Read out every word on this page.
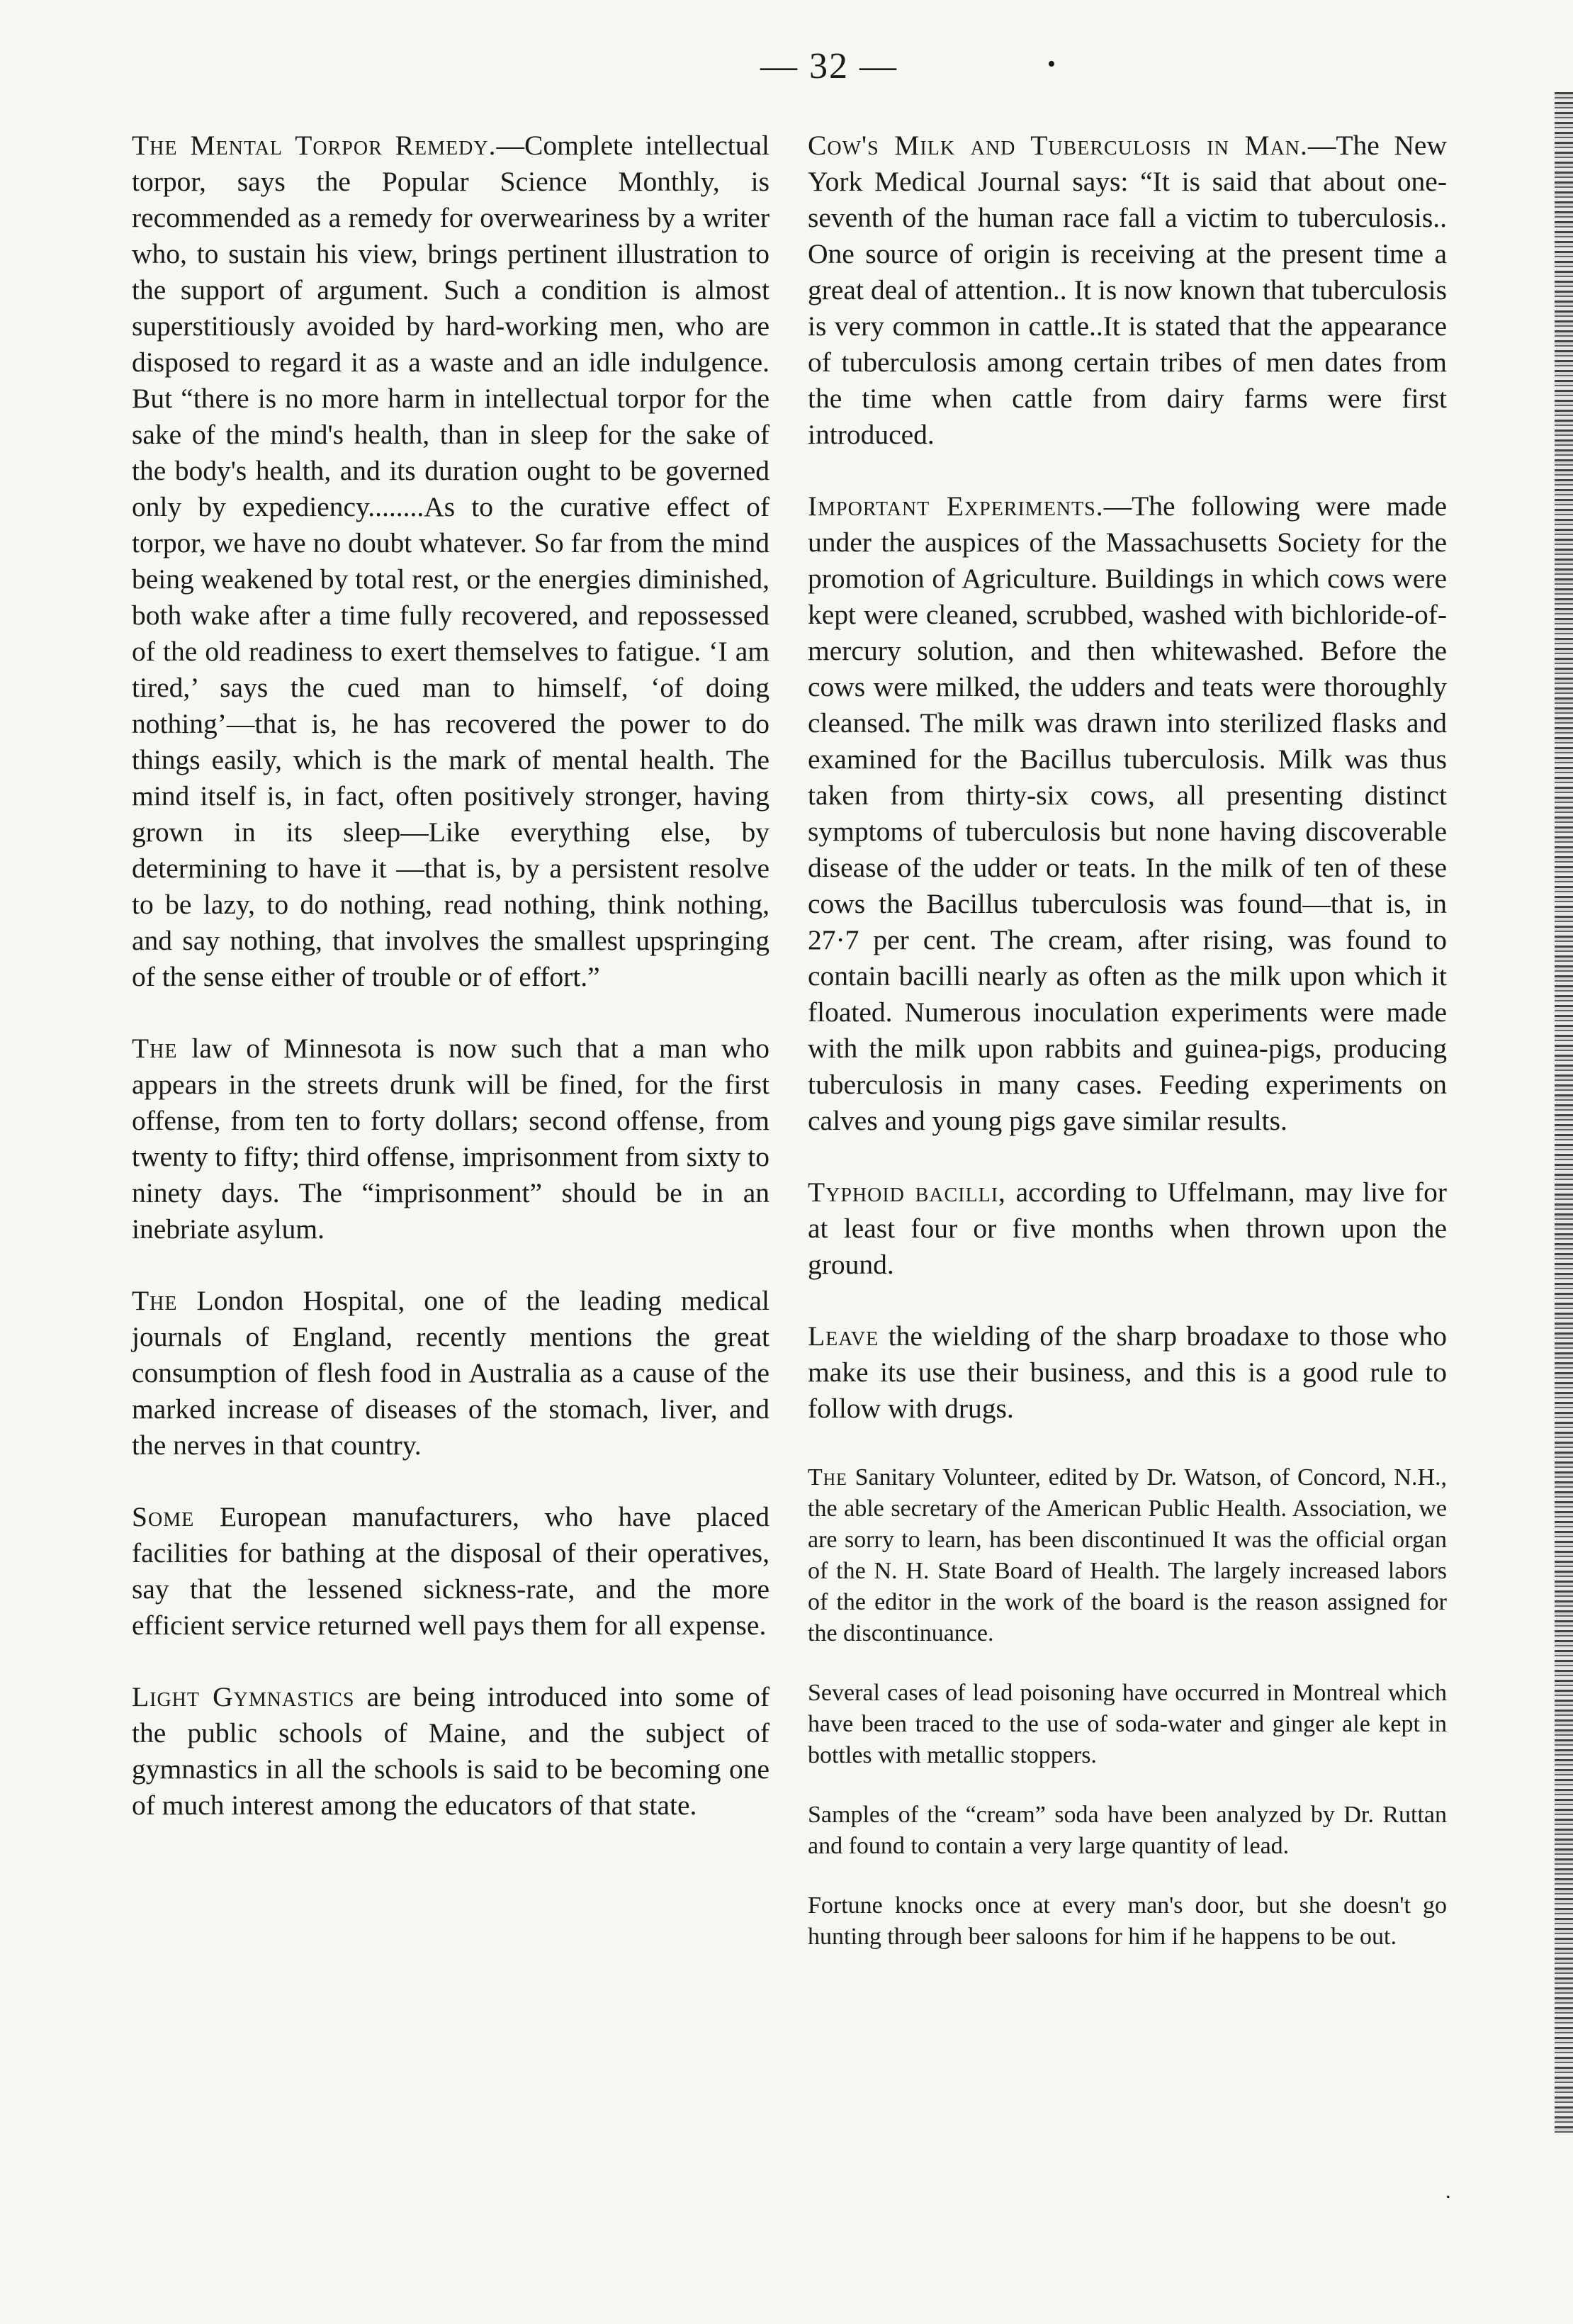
— 32 —	•

The Mental Torpor Remedy.—Complete intellectual torpor, says the Popular Science Monthly, is recommended as a remedy for overweariness by a writer who, to sustain his view, brings pertinent illustration to the support of argument. Such a condition is almost superstitiously avoided by hard-working men, who are disposed to regard it as a waste and an idle indulgence. But “there is no more harm in intellectual torpor for the sake of the mind's health, than in sleep for the sake of the body's health, and its duration ought to be governed only by expediency........As to the curative effect of torpor, we have no doubt whatever. So far from the mind being weakened by total rest, or the energies diminished, both wake after a time fully recovered, and repossessed of the old readiness to exert themselves to fatigue. ‘I am tired,’ says the cued man to himself, ‘of doing nothing’—that is, he has recovered the power to do things easily, which is the mark of mental health. The mind itself is, in fact, often positively stronger, having grown in its sleep—Like everything else, by determining to have it —that is, by a persistent resolve to be lazy, to do nothing, read nothing, think nothing, and say nothing, that involves the smallest upspringing of the sense either of trouble or of effort.”

The law of Minnesota is now such that a man who appears in the streets drunk will be fined, for the first offense, from ten to forty dollars; second offense, from twenty to fifty; third offense, imprisonment from sixty to ninety days. The “imprisonment” should be in an inebriate asylum.

The London Hospital, one of the leading medical journals of England, recently mentions the great consumption of flesh food in Australia as a cause of the marked increase of diseases of the stomach, liver, and the nerves in that country.

Some European manufacturers, who have placed facilities for bathing at the disposal of their operatives, say that the lessened sickness-rate, and the more efficient service returned well pays them for all expense.

Light Gymnastics are being introduced into some of the public schools of Maine, and the subject of gymnastics in all the schools is said to be becoming one of much interest among the educators of that state.

Cow's Milk and Tuberculosis in Man.—The New York Medical Journal says: “It is said that about one-seventh of the human race fall a victim to tuberculosis.. One source of origin is receiving at the present time a great deal of attention.. It is now known that tuberculosis is very common in cattle..It is stated that the appearance of tuberculosis among certain tribes of men dates from the time when cattle from dairy farms were first introduced.

Important Experiments.—The following were made under the auspices of the Massachusetts Society for the promotion of Agriculture. Buildings in which cows were kept were cleaned, scrubbed, washed with bichloride-of-mercury solution, and then whitewashed. Before the cows were milked, the udders and teats were thoroughly cleansed. The milk was drawn into sterilized flasks and examined for the Bacillus tuberculosis. Milk was thus taken from thirty-six cows, all presenting distinct symptoms of tuberculosis but none having discoverable disease of the udder or teats. In the milk of ten of these cows the Bacillus tuberculosis was found—that is, in 27·7 per cent. The cream, after rising, was found to contain bacilli nearly as often as the milk upon which it floated. Numerous inoculation experiments were made with the milk upon rabbits and guinea-pigs, producing tuberculosis in many cases. Feeding experiments on calves and young pigs gave similar results.

Typhoid bacilli, according to Uffelmann, may live for at least four or five months when thrown upon the ground.

Leave the wielding of the sharp broadaxe to those who make its use their business, and this is a good rule to follow with drugs.

The Sanitary Volunteer, edited by Dr. Watson, of Concord, N.H., the able secretary of the American Public Health. Association, we are sorry to learn, has been discontinued It was the official organ of the N. H. State Board of Health. The largely increased labors of the editor in the work of the board is the reason assigned for the discontinuance.

Several cases of lead poisoning have occurred in Montreal which have been traced to the use of soda-water and ginger ale kept in bottles with metallic stoppers.

Samples of the “cream” soda have been analyzed by Dr. Ruttan and found to contain a very large quantity of lead.

Fortune knocks once at every man's door, but she doesn't go hunting through beer saloons for him if he happens to be out.

.
